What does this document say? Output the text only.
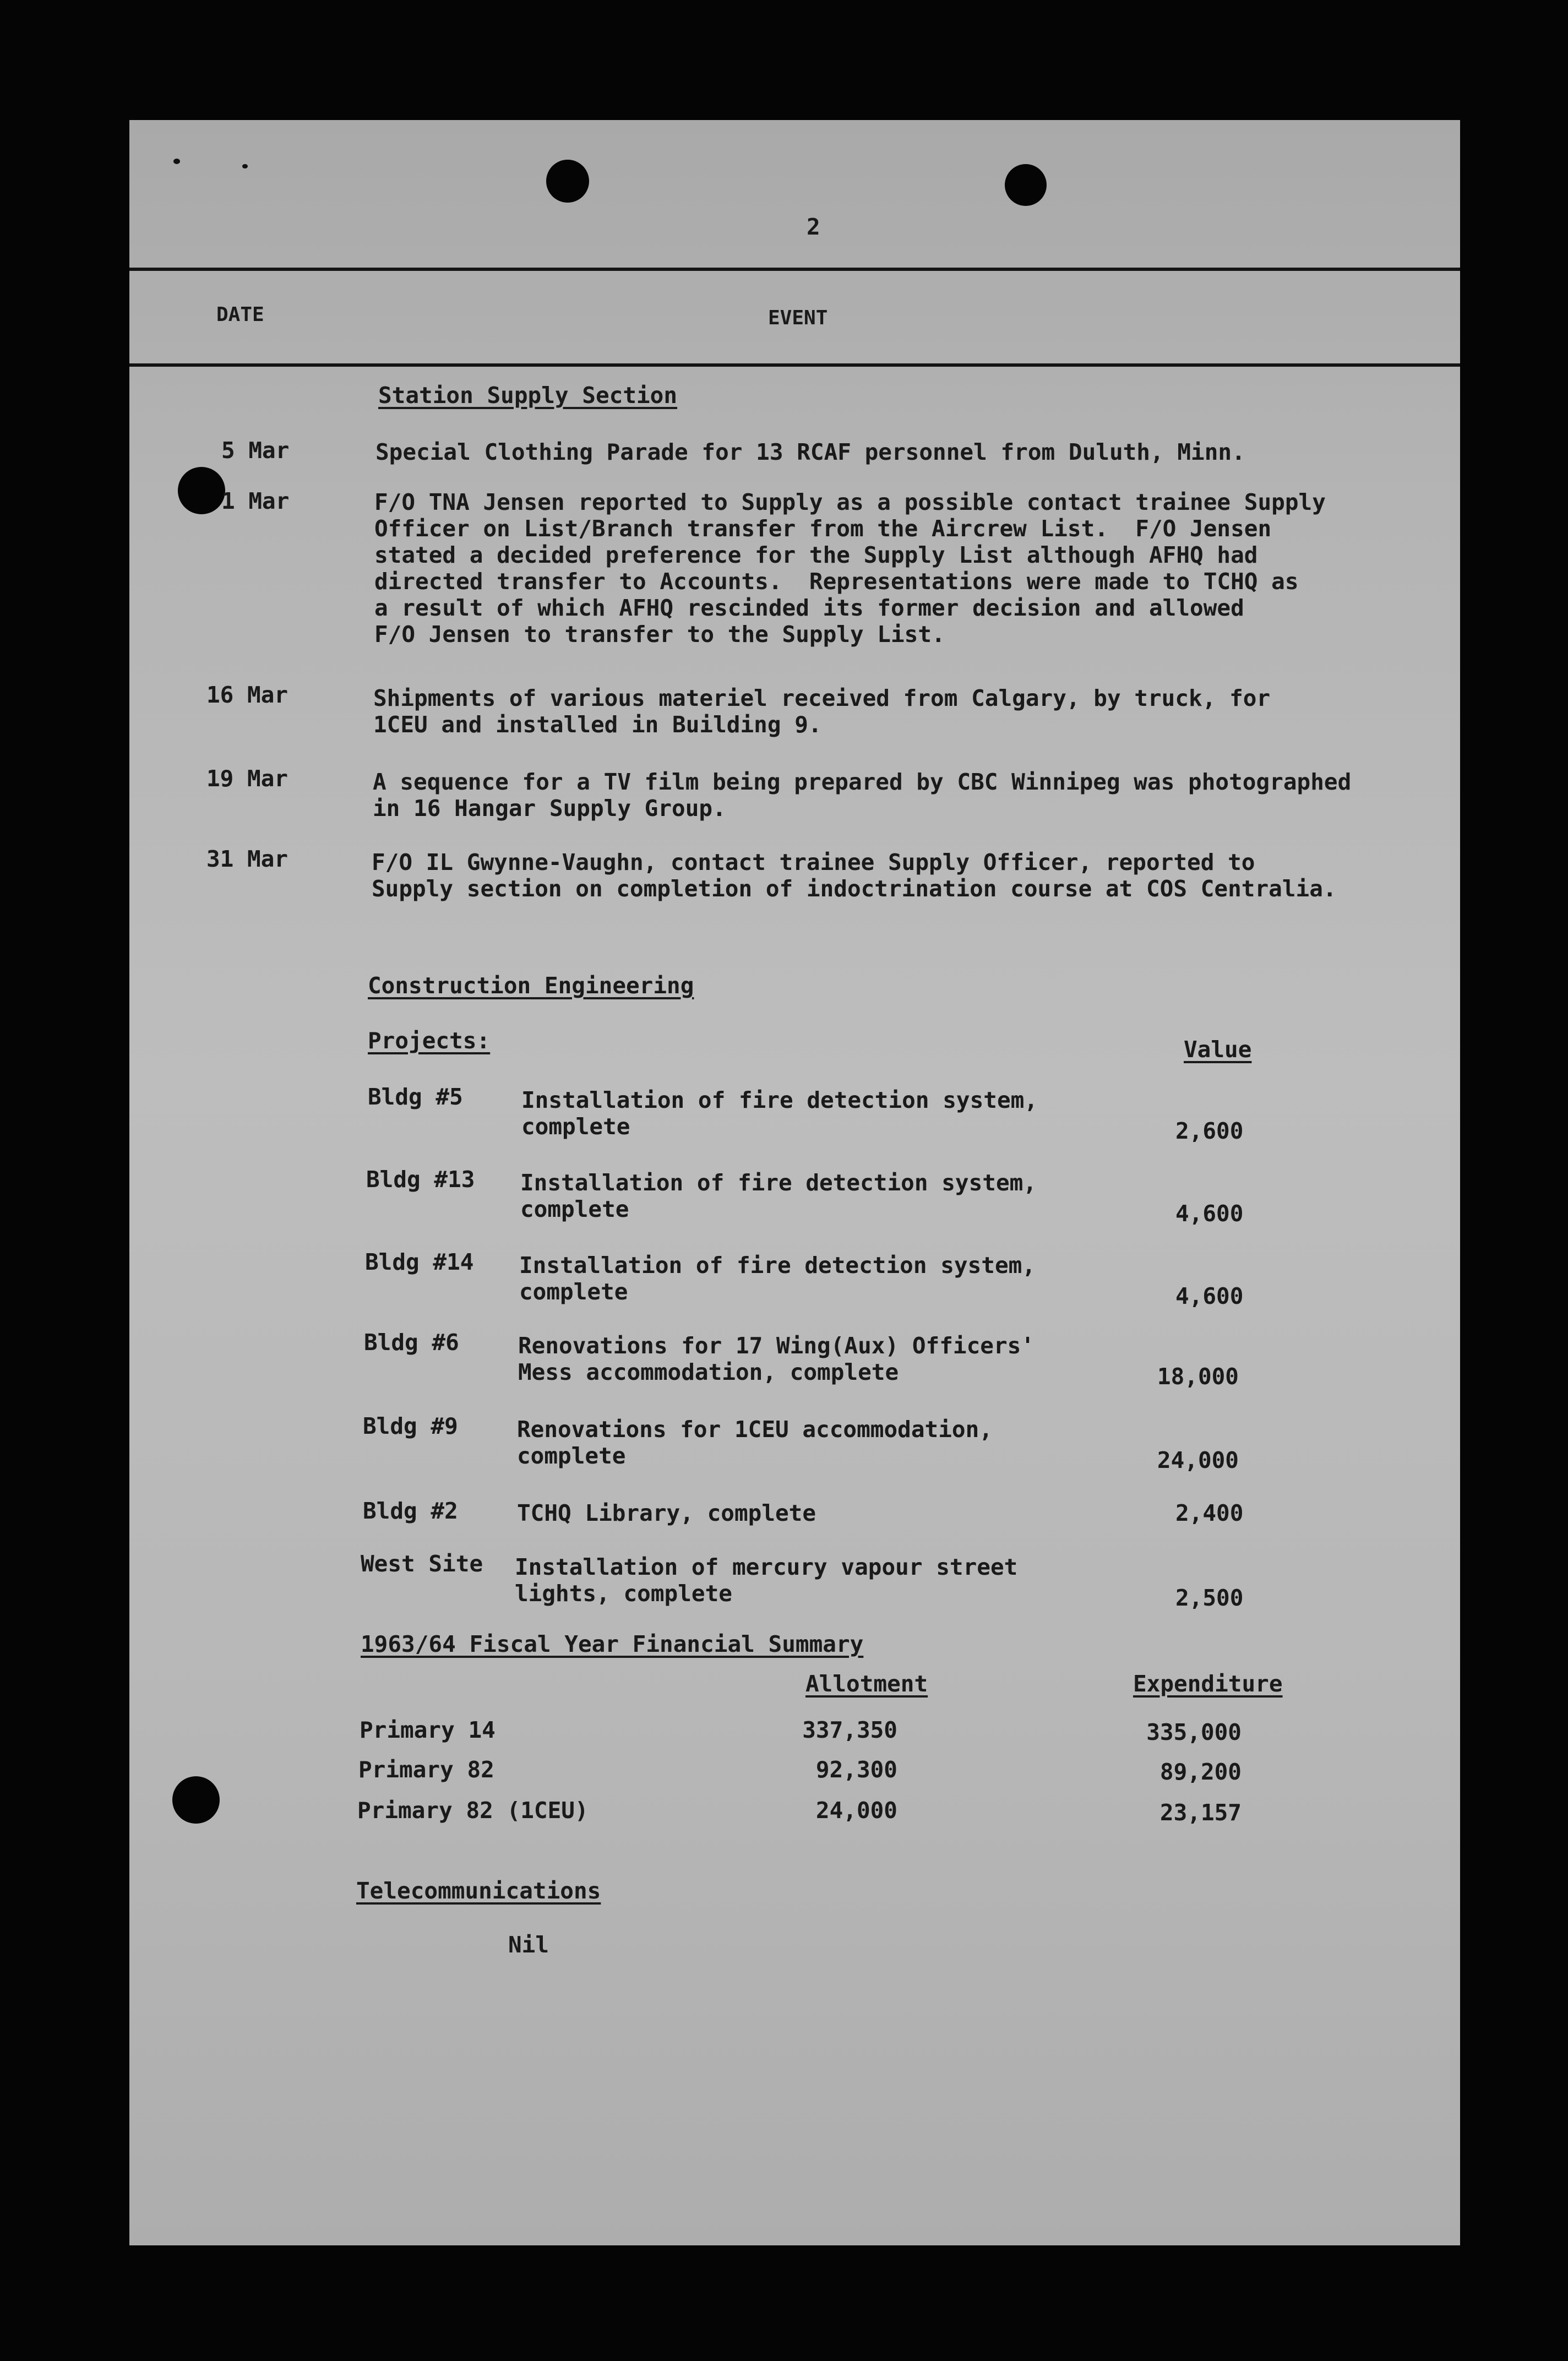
2
DATE	EVENT
Station Supply Section
5 Mar	Special Clothing Parade for 13 RCAF personnel from Duluth, Minn.
1 Mar	F/O TNA Jensen reported to Supply as a possible contact trainee Supply
Officer on List/Branch transfer from the Aircrew List.  F/O Jensen
stated a decided preference for the Supply List although AFHQ had
directed transfer to Accounts.  Representations were made to TCHQ as
a result of which AFHQ rescinded its former decision and allowed
F/O Jensen to transfer to the Supply List.
16 Mar	Shipments of various materiel received from Calgary, by truck, for
1CEU and installed in Building 9.
19 Mar	A sequence for a TV film being prepared by CBC Winnipeg was photographed
in 16 Hangar Supply Group.
31 Mar	F/O IL Gwynne-Vaughn, contact trainee Supply Officer, reported to
Supply section on completion of indoctrination course at COS Centralia.
Construction Engineering
Projects:	Value
Bldg #5	Installation of fire detection system,
complete	2,600
Bldg #13 Installation of fire detection system,
complete	4,600
Bldg #14 Installation of fire detection system,
complete	4,600
Bldg #6	Renovations for 17 Wing(Aux) Officers'
Mess accommodation, complete	18,000
Bldg #9	Renovations for 1CEU accommodation,
complete	24,000
Bldg #2	TCHQ Library, complete	2,400
West Site Installation of mercury vapour street
lights, complete	2,500
1963/64 Fiscal Year Financial Summary
Allotment	Expenditure
Primary 14	337,350	335,000
Primary 82	92,300	89,200
Primary 82 (1CEU)	24,000	23,157
Telecommunications
Nil
